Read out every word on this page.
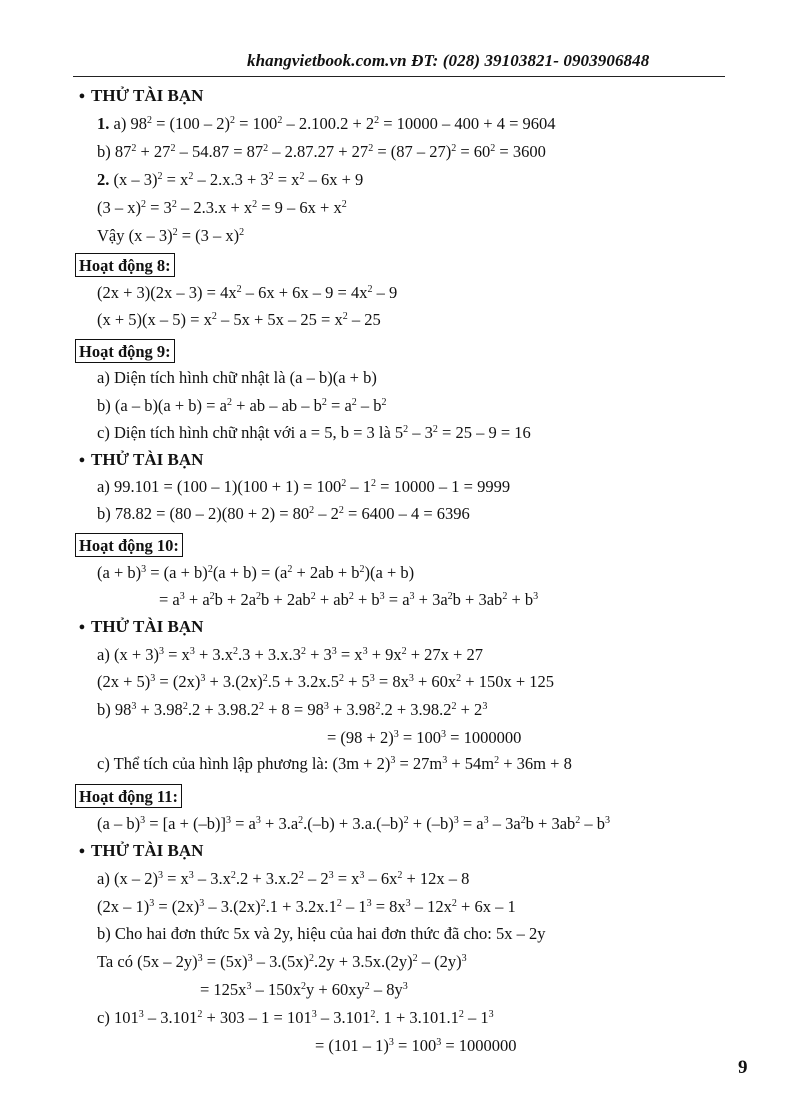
khangvietbook.com.vn ĐT: (028) 39103821- 0903906848
● THỬ TÀI BẠN
1. a) $98^2 = (100 - 2)^2 = 100^2 - 2.100.2 + 2^2 = 10000 - 400 + 4 = 9604$
b) $87^2 + 27^2 - 54.87 = 87^2 - 2.87.27 + 27^2 = (87 - 27)^2 = 60^2 = 3600$
2. $(x - 3)^2 = x^2 - 2.x.3 + 3^2 = x^2 - 6x + 9$
$(3 - x)^2 = 3^2 - 2.3.x + x^2 = 9 - 6x + x^2$
Vậy (x – 3)$^2$ = (3 – x)$^2$
Hoạt động 8:
$(2x + 3)(2x - 3) = 4x^2 - 6x + 6x - 9 = 4x^2 - 9$
$(x + 5)(x - 5) = x^2 - 5x + 5x - 25 = x^2 - 25$
Hoạt động 9:
a) Diện tích hình chữ nhật là (a – b)(a + b)
b) $(a - b)(a + b) = a^2$ + ab – ab – $b^2 = a^2 - b^2$
c) Diện tích hình chữ nhật với a = 5, b = 3 là $5^2 - 3^2 = 25 - 9 = 16$
● THỬ TÀI BẠN
a) $99.101 = (100 - 1)(100 + 1) = 100^2 - 1^2 = 10000 - 1 = 9999$
b) $78.82 = (80 - 2)(80 + 2) = 80^2 - 2^2 = 6400 - 4 = 6396$
Hoạt động 10:
$(a + b)^3 = (a + b)^2(a + b) = (a^2 + 2ab + b^2)(a + b)$
= $a^3 + a^2b + 2a^2b + 2ab^2 + ab^2 + b^3 = a^3 + 3a^2b + 3ab^2 + b^3$
● THỬ TÀI BẠN
a) $(x + 3)^3 = x^3 + 3.x^2.3 + 3.x.3^2 + 3^3 = x^3 + 9x^2 + 27x + 27$
$(2x + 5)^3 = (2x)^3 + 3.(2x)^2.5 + 3.2x.5^2 + 5^3 = 8x^3 + 60x^2 + 150x + 125$
b) $98^3 + 3.98^2.2 + 3.98.2^2 + 8 = 98^3 + 3.98^2.2 + 3.98.2^2 + 2^3$
= $(98 + 2)^3 = 100^3 = 1000000$
c) Thể tích của hình lập phương là: $(3m + 2)^3 = 27m^3 + 54m^2 + 36m + 8$
Hoạt động 11:
$(a - b)^3 = [a + (-b)]^3 = a^3 + 3.a^2.(-b) + 3.a.(-b)^2 + (-b)^3 = a^3 - 3a^2b + 3ab^2 - b^3$
● THỬ TÀI BẠN
a) $(x - 2)^3 = x^3 - 3.x^2.2 + 3.x.2^2 - 2^3 = x^3 - 6x^2 + 12x - 8$
$(2x - 1)^3 = (2x)^3 - 3.(2x)^2.1 + 3.2x.1^2 - 1^3 = 8x^3 - 12x^2 + 6x - 1$
b) Cho hai đơn thức 5x và 2y, hiệu của hai đơn thức đã cho: 5x – 2y
Ta có $(5x - 2y)^3 = (5x)^3 - 3.(5x)^2.2y + 3.5x.(2y)^2 - (2y)^3$
= $125x^3 - 150x^2y + 60xy^2 - 8y^3$
c) $101^3 - 3.101^2 + 303 - 1 = 101^3 - 3.101^2$. $1 + 3.101.1^2 - 1^3$
= $(101 - 1)^3 = 100^3 = 1000000$
9
